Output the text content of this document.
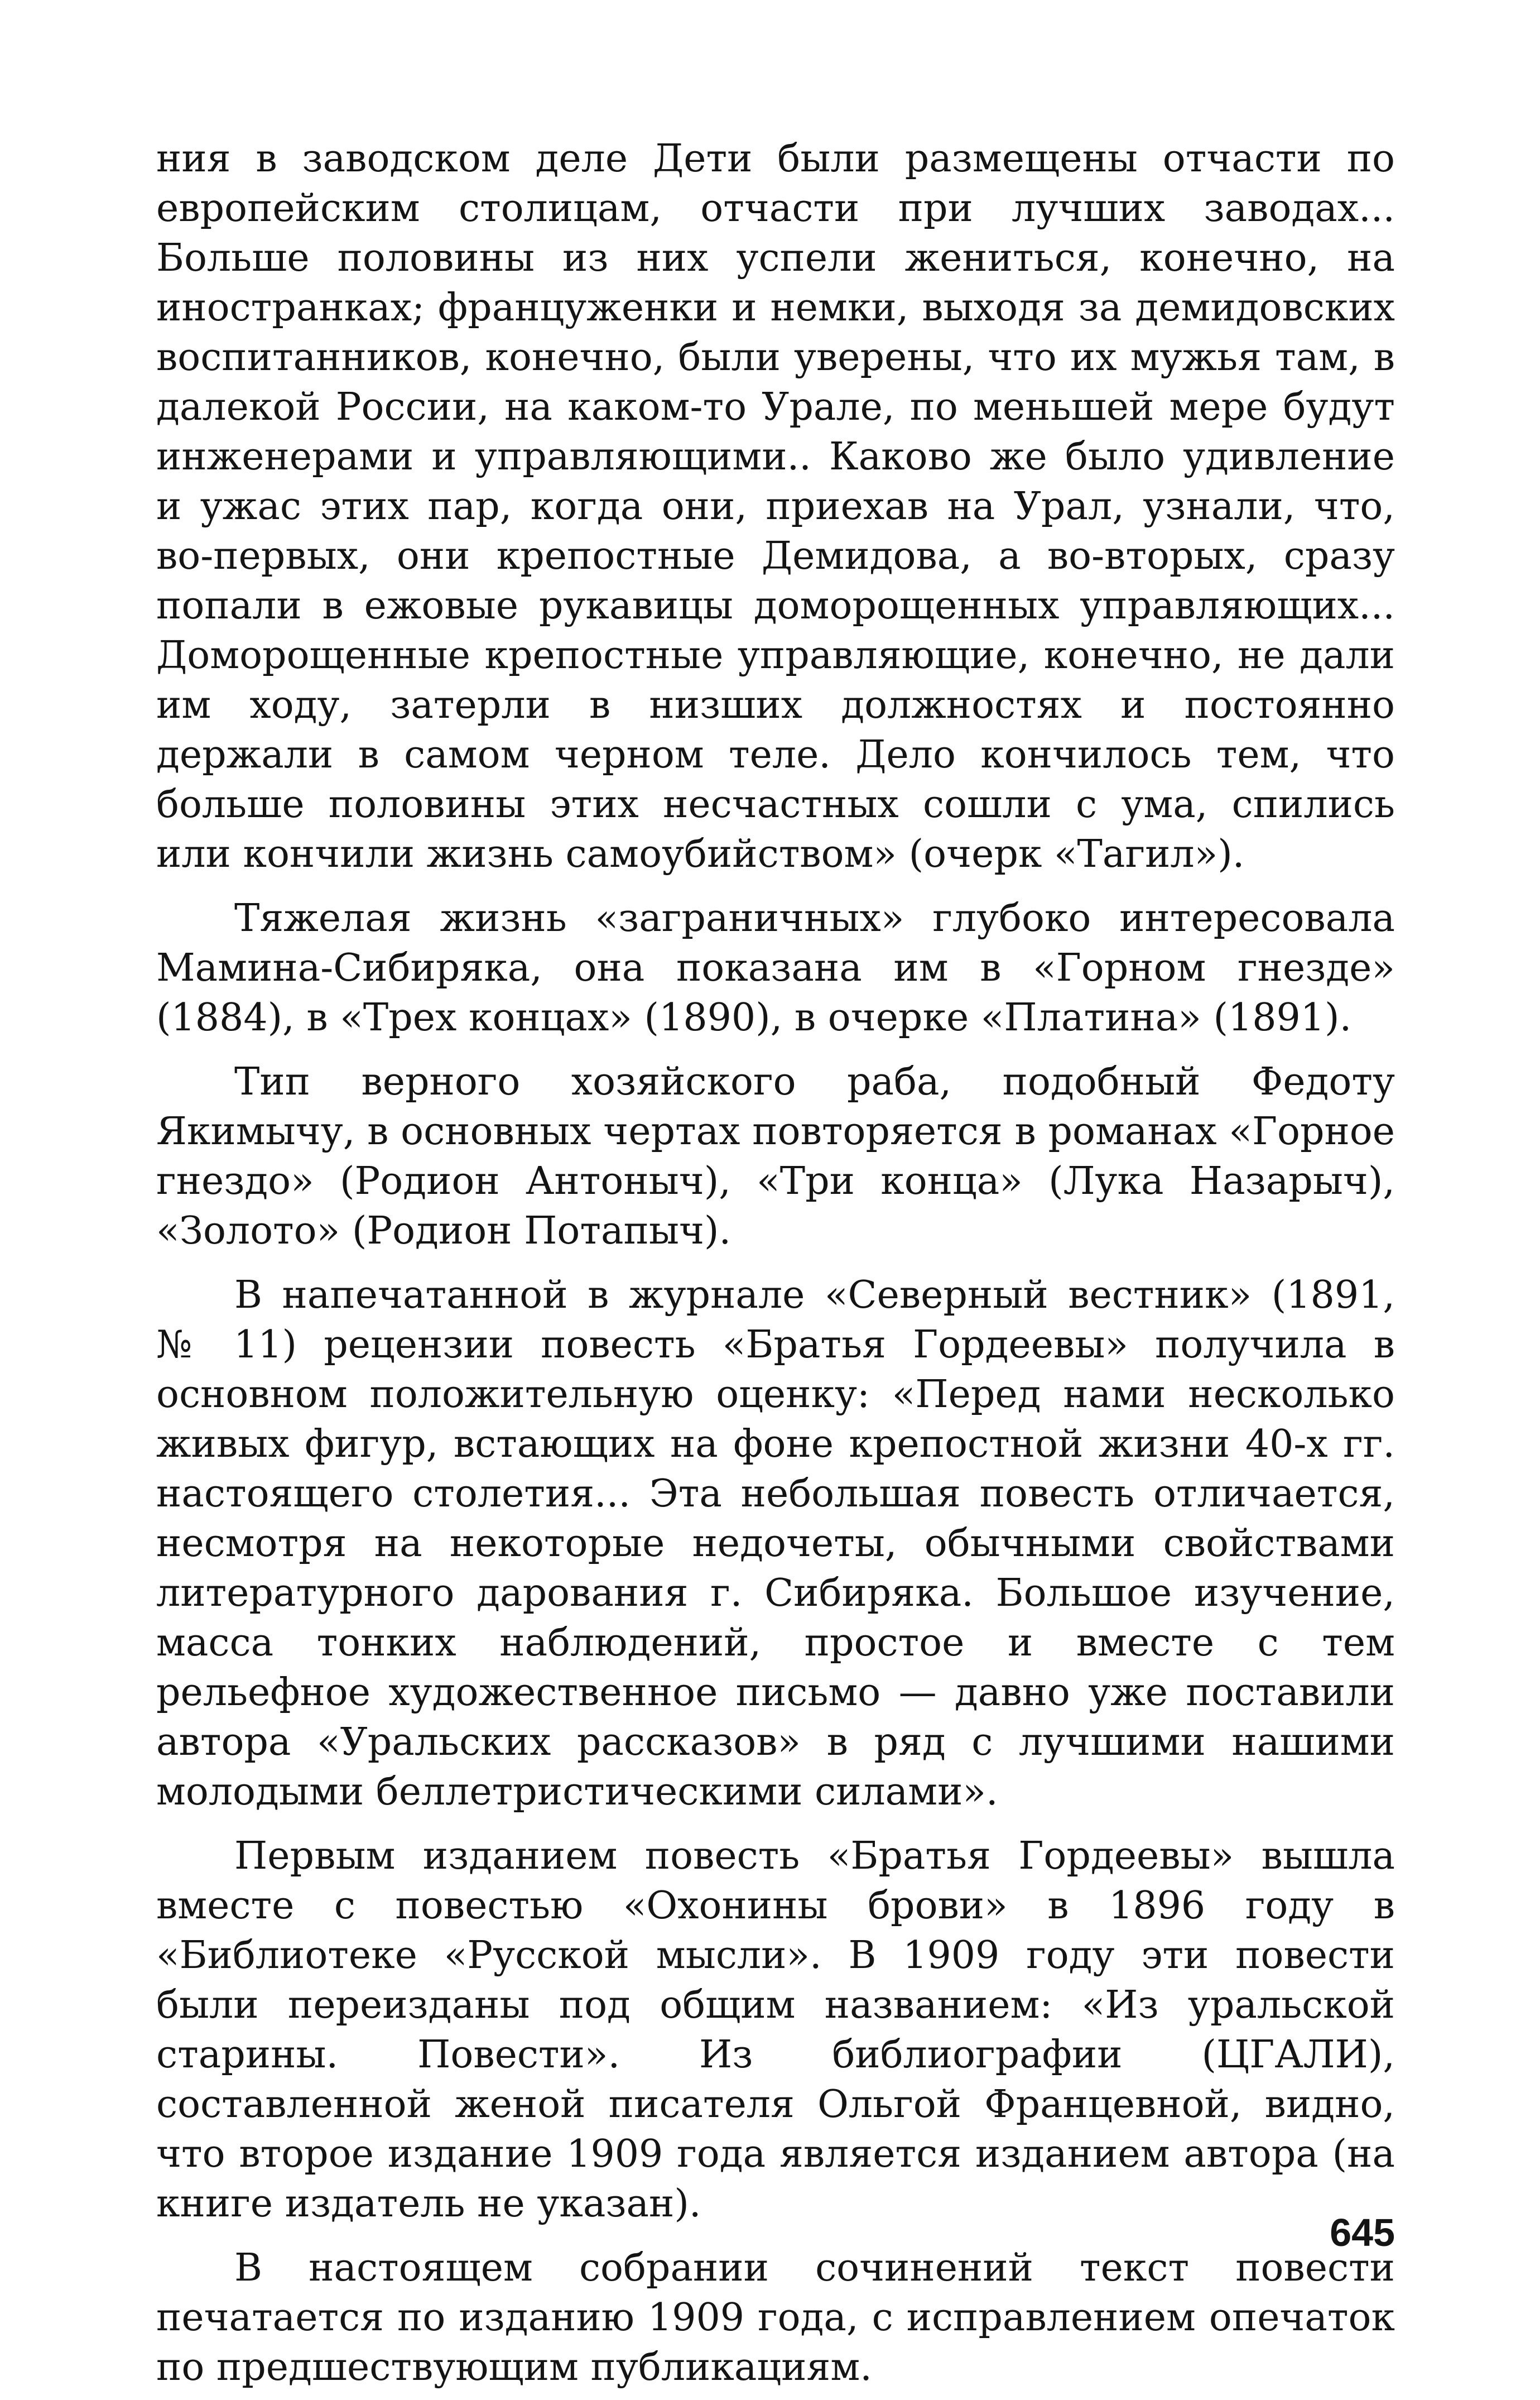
ния в заводском деле Дети были размещены отчасти по европейским столицам, отчасти при лучших заводах... Больше половины из них успели жениться, конечно, на иностранках; француженки и немки, выходя за демидовских воспитанников, конечно, были уверены, что их мужья там, в далекой России, на каком-то Урале, по меньшей мере будут инженерами и управляющими.. Каково же было удивление и ужас этих пар, когда они, приехав на Урал, узнали, что, во-первых, они крепостные Демидова, а во-вторых, сразу попали в ежовые рукавицы доморощенных управляющих... Доморощенные крепостные управляющие, конечно, не дали им ходу, затерли в низших должностях и постоянно держали в самом черном теле. Дело кончилось тем, что больше половины этих несчастных сошли с ума, спились или кончили жизнь самоубийством» (очерк «Тагил»).

Тяжелая жизнь «заграничных» глубоко интересовала Мамина-Сибиряка, она показана им в «Горном гнезде» (1884), в «Трех концах» (1890), в очерке «Платина» (1891).

Тип верного хозяйского раба, подобный Федоту Якимычу, в основных чертах повторяется в романах «Горное гнездо» (Родион Антоныч), «Три конца» (Лука Назарыч), «Золото» (Родион Потапыч).

В напечатанной в журнале «Северный вестник» (1891, № 11) рецензии повесть «Братья Гордеевы» получила в основном положительную оценку: «Перед нами несколько живых фигур, встающих на фоне крепостной жизни 40-х гг. настоящего столетия... Эта небольшая повесть отличается, несмотря на некоторые недочеты, обычными свойствами литературного дарования г. Сибиряка. Большое изучение, масса тонких наблюдений, простое и вместе с тем рельефное художественное письмо — давно уже поставили автора «Уральских рассказов» в ряд с лучшими нашими молодыми беллетристическими силами».

Первым изданием повесть «Братья Гордеевы» вышла вместе с повестью «Охонины брови» в 1896 году в «Библиотеке «Русской мысли». В 1909 году эти повести были переизданы под общим названием: «Из уральской старины. Повести». Из библиографии (ЦГАЛИ), составленной женой писателя Ольгой Францевной, видно, что второе издание 1909 года является изданием автора (на книге издатель не указан).

В настоящем собрании сочинений текст повести печатается по изданию 1909 года, с исправлением опечаток по предшествующим публикациям.

645
